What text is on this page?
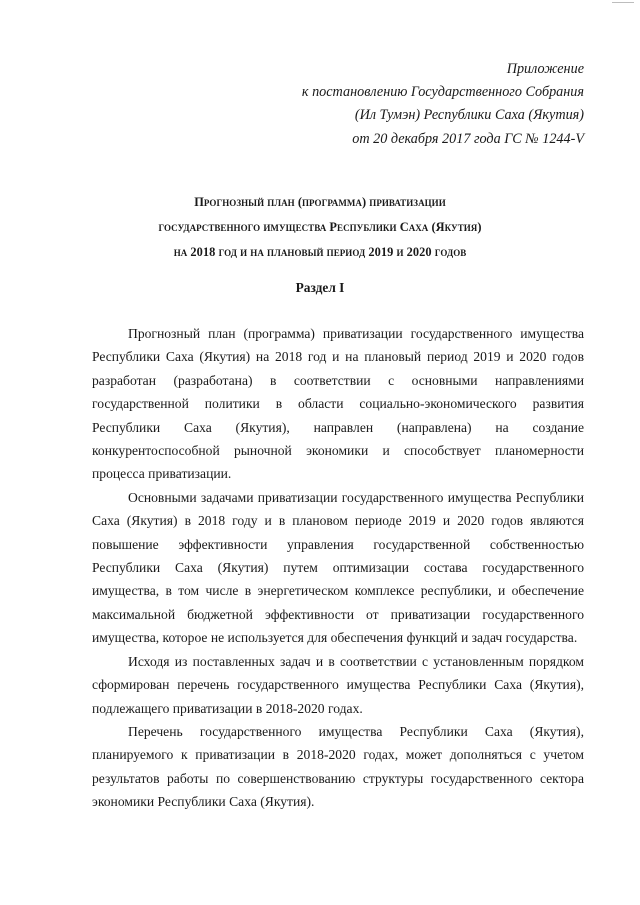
Приложение
к постановлению Государственного Собрания
(Ил Тумэн) Республики Саха (Якутия)
от 20 декабря 2017 года ГС № 1244-V
Прогнозный план (программа) приватизации
государственного имущества Республики Саха (Якутия)
на 2018 год и на плановый период 2019 и 2020 годов
Раздел I

Прогнозный план (программа) приватизации государственного имущества Республики Саха (Якутия) на 2018 год и на плановый период 2019 и 2020 годов разработан (разработана) в соответствии с основными направлениями государственной политики в области социально-экономического развития Республики Саха (Якутия), направлен (направлена) на создание конкурентоспособной рыночной экономики и способствует планомерности процесса приватизации.

Основными задачами приватизации государственного имущества Республики Саха (Якутия) в 2018 году и в плановом периоде 2019 и 2020 годов являются повышение эффективности управления государственной собственностью Республики Саха (Якутия) путем оптимизации состава государственного имущества, в том числе в энергетическом комплексе республики, и обеспечение максимальной бюджетной эффективности от приватизации государственного имущества, которое не используется для обеспечения функций и задач государства.

Исходя из поставленных задач и в соответствии с установленным порядком сформирован перечень государственного имущества Республики Саха (Якутия), подлежащего приватизации в 2018-2020 годах.

Перечень государственного имущества Республики Саха (Якутия), планируемого к приватизации в 2018-2020 годах, может дополняться с учетом результатов работы по совершенствованию структуры государственного сектора экономики Республики Саха (Якутия).
